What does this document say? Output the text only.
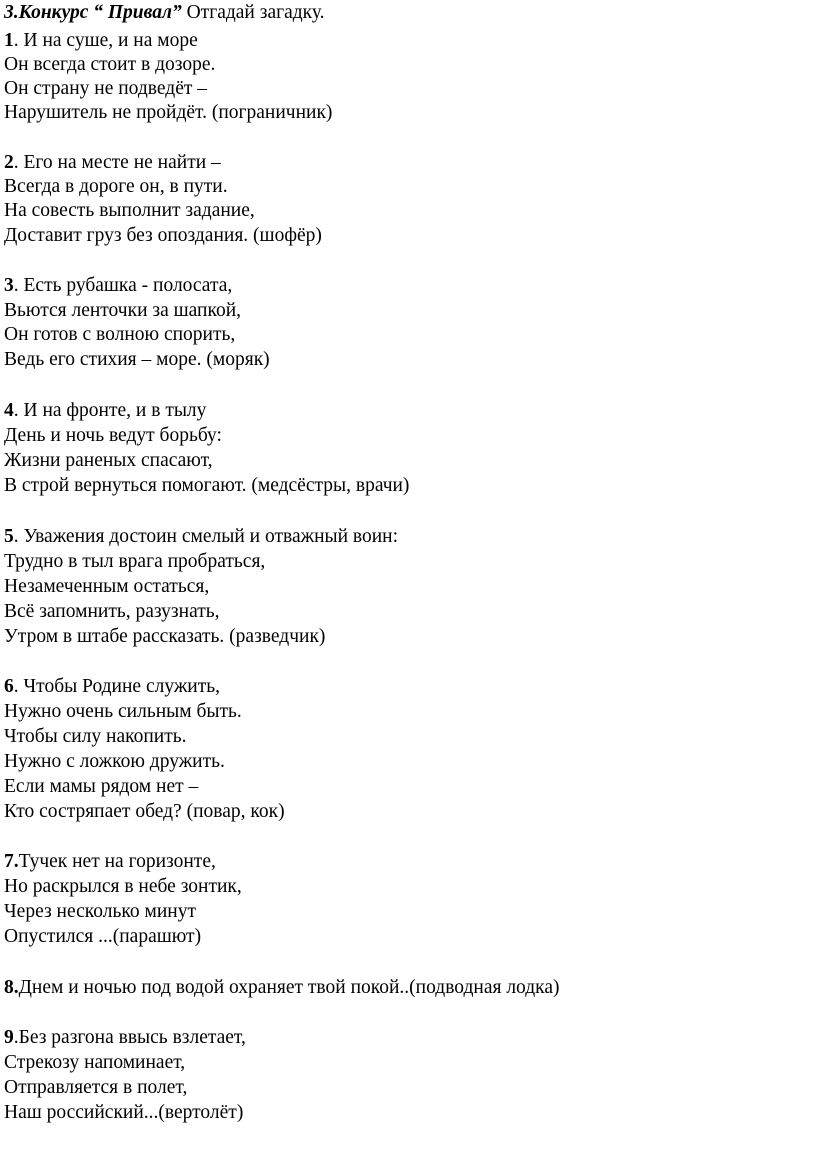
3.Конкурс “ Привал” Отгадай загадку.
1. И на суше, и на море
Он всегда стоит в дозоре.
Он страну не подведёт –
Нарушитель не пройдёт. (пограничник)
2. Его на месте не найти –
Всегда в дороге он, в пути.
На совесть выполнит задание,
Доставит груз без опоздания. (шофёр)
3. Есть рубашка - полосата,
Вьются ленточки за шапкой,
Он готов с волною спорить,
Ведь его стихия – море. (моряк)
4. И на фронте, и в тылу
День и ночь ведут борьбу:
Жизни раненых спасают,
В строй вернуться помогают. (медсёстры, врачи)
5. Уважения достоин смелый и отважный воин:
Трудно в тыл врага пробраться,
Незамеченным остаться,
Всё запомнить, разузнать,
Утром в штабе рассказать. (разведчик)
6. Чтобы Родине служить,
Нужно очень сильным быть.
Чтобы силу накопить.
Нужно с ложкою дружить.
Если мамы рядом нет –
Кто состряпает обед? (повар, кок)
7.Тучек нет на горизонте,
Но раскрылся в небе зонтик,
Через несколько минут
Опустился ...(парашют)
8.Днем и ночью под водой охраняет твой покой..(подводная лодка)
9.Без разгона ввысь взлетает,
Стрекозу напоминает,
Отправляется в полет,
Наш российский...(вертолёт)
